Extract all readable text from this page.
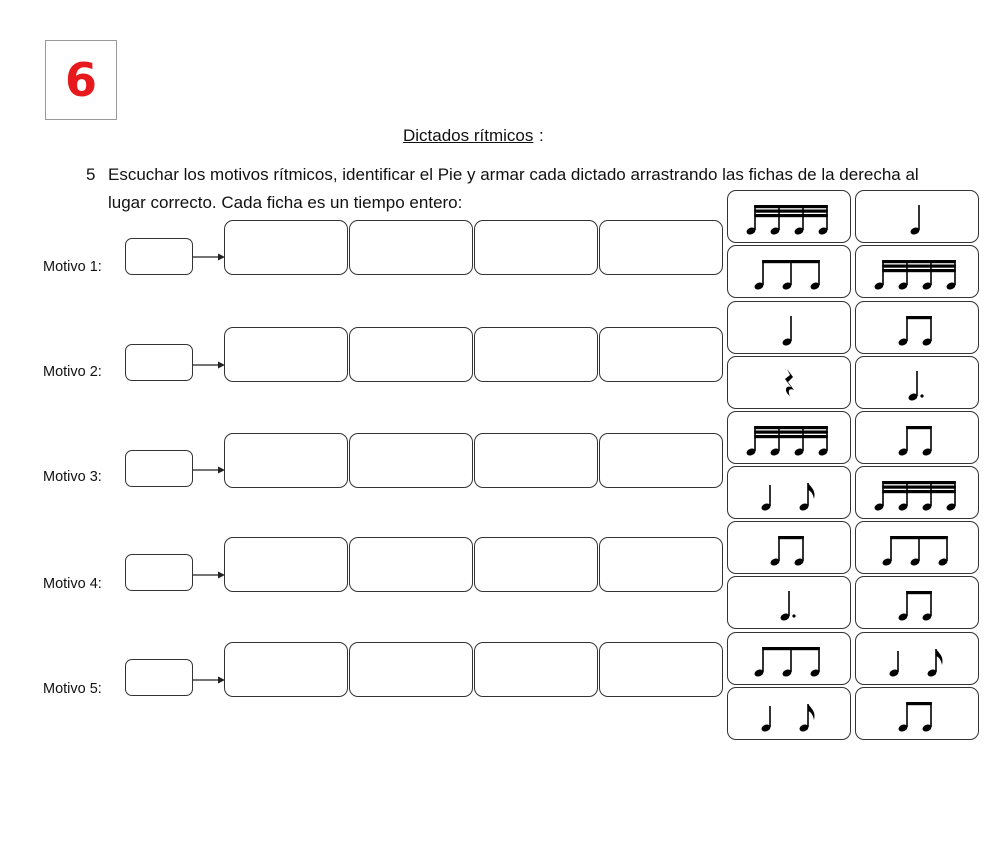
6
Dictados rítmicos :
5 Escuchar los motivos rítmicos, identificar el Pie y armar cada dictado arrastrando las fichas de la derecha al
lugar correcto. Cada ficha es un tiempo entero:
Motivo 1:
Motivo 2:
Motivo 3:
Motivo 4:
Motivo 5:
